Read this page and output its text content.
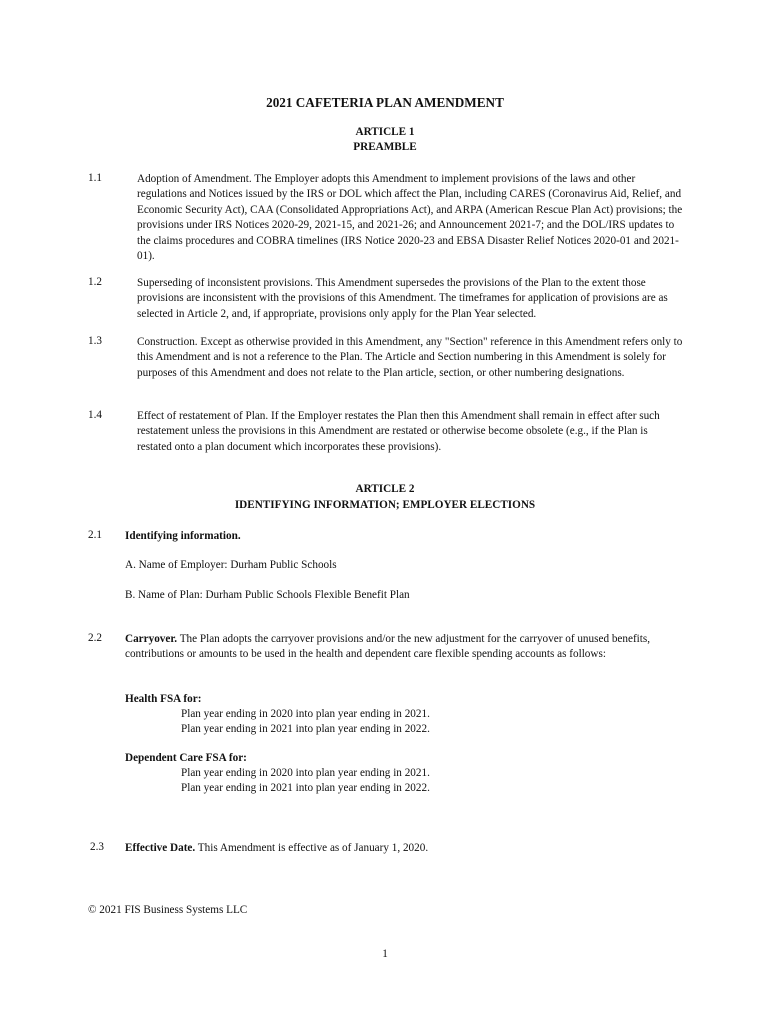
2021 CAFETERIA PLAN AMENDMENT
ARTICLE 1
PREAMBLE
1.1	Adoption of Amendment. The Employer adopts this Amendment to implement provisions of the laws and other regulations and Notices issued by the IRS or DOL which affect the Plan, including CARES (Coronavirus Aid, Relief, and Economic Security Act), CAA (Consolidated Appropriations Act), and ARPA (American Rescue Plan Act) provisions; the provisions under IRS Notices 2020-29, 2021-15, and 2021-26; and Announcement 2021-7; and the DOL/IRS updates to the claims procedures and COBRA timelines (IRS Notice 2020-23 and EBSA Disaster Relief Notices 2020-01 and 2021-01).
1.2	Superseding of inconsistent provisions. This Amendment supersedes the provisions of the Plan to the extent those provisions are inconsistent with the provisions of this Amendment. The timeframes for application of provisions are as selected in Article 2, and, if appropriate, provisions only apply for the Plan Year selected.
1.3	Construction. Except as otherwise provided in this Amendment, any "Section" reference in this Amendment refers only to this Amendment and is not a reference to the Plan. The Article and Section numbering in this Amendment is solely for purposes of this Amendment and does not relate to the Plan article, section, or other numbering designations.
1.4	Effect of restatement of Plan. If the Employer restates the Plan then this Amendment shall remain in effect after such restatement unless the provisions in this Amendment are restated or otherwise become obsolete (e.g., if the Plan is restated onto a plan document which incorporates these provisions).
ARTICLE 2
IDENTIFYING INFORMATION; EMPLOYER ELECTIONS
2.1 Identifying information.
A. Name of Employer: Durham Public Schools
B. Name of Plan: Durham Public Schools Flexible Benefit Plan
2.2 Carryover. The Plan adopts the carryover provisions and/or the new adjustment for the carryover of unused benefits, contributions or amounts to be used in the health and dependent care flexible spending accounts as follows:
Health FSA for:
Plan year ending in 2020 into plan year ending in 2021.
Plan year ending in 2021 into plan year ending in 2022.
Dependent Care FSA for:
Plan year ending in 2020 into plan year ending in 2021.
Plan year ending in 2021 into plan year ending in 2022.
2.3 Effective Date. This Amendment is effective as of January 1, 2020.
© 2021 FIS Business Systems LLC
1
